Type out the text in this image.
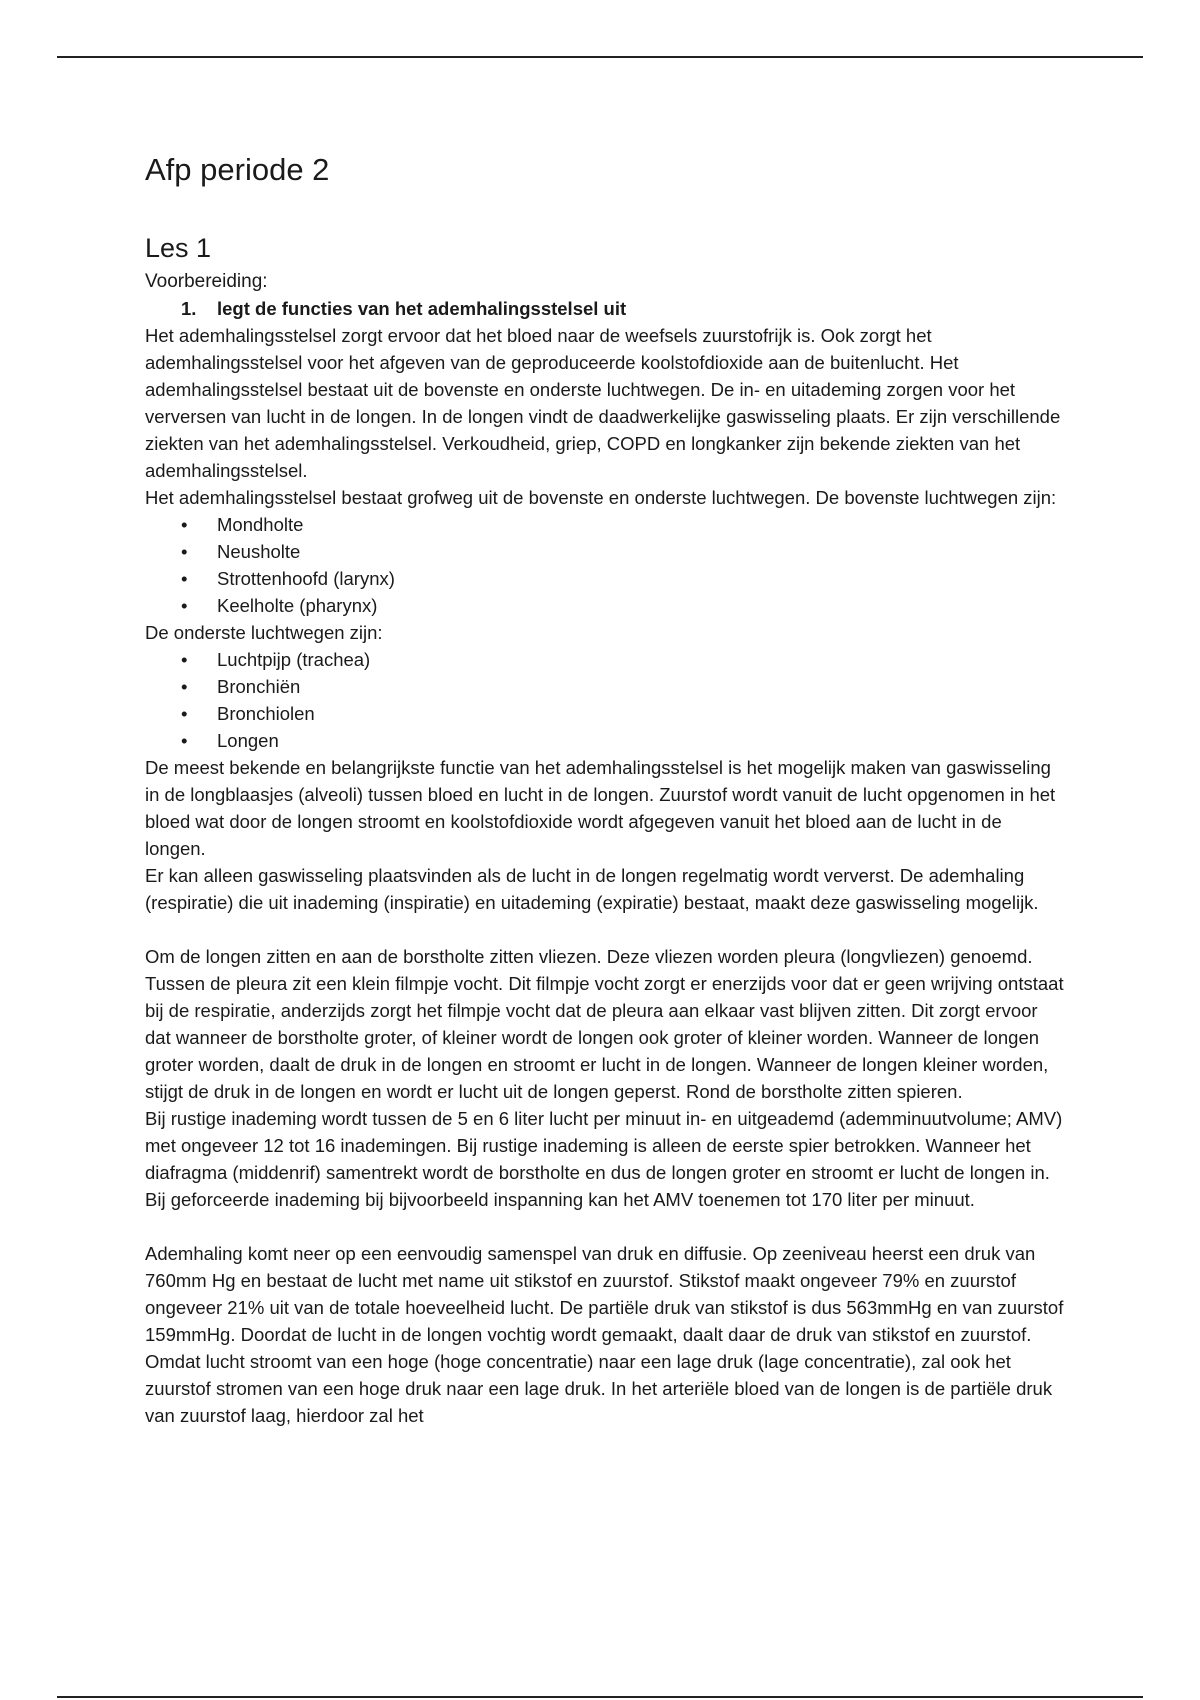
Afp periode 2
Les 1

Voorbereiding:

1. legt de functies van het ademhalingsstelsel uit

Het ademhalingsstelsel zorgt ervoor dat het bloed naar de weefsels zuurstofrijk is. Ook zorgt het ademhalingsstelsel voor het afgeven van de geproduceerde koolstofdioxide aan de buitenlucht. Het ademhalingsstelsel bestaat uit de bovenste en onderste luchtwegen. De in- en uitademing zorgen voor het verversen van lucht in de longen. In de longen vindt de daadwerkelijke gaswisseling plaats. Er zijn verschillende ziekten van het ademhalingsstelsel. Verkoudheid, griep, COPD en longkanker zijn bekende ziekten van het ademhalingsstelsel.

Het ademhalingsstelsel bestaat grofweg uit de bovenste en onderste luchtwegen. De bovenste luchtwegen zijn:

• Mondholte
• Neusholte
• Strottenhoofd (larynx)
• Keelholte (pharynx)

De onderste luchtwegen zijn:

• Luchtpijp (trachea)
• Bronchiën
• Bronchiolen
• Longen

De meest bekende en belangrijkste functie van het ademhalingsstelsel is het mogelijk maken van gaswisseling in de longblaasjes (alveoli) tussen bloed en lucht in de longen. Zuurstof wordt vanuit de lucht opgenomen in het bloed wat door de longen stroomt en koolstofdioxide wordt afgegeven vanuit het bloed aan de lucht in de longen.

Er kan alleen gaswisseling plaatsvinden als de lucht in de longen regelmatig wordt ververst. De ademhaling (respiratie) die uit inademing (inspiratie) en uitademing (expiratie) bestaat, maakt deze gaswisseling mogelijk.

Om de longen zitten en aan de borstholte zitten vliezen. Deze vliezen worden pleura (longvliezen) genoemd. Tussen de pleura zit een klein filmpje vocht. Dit filmpje vocht zorgt er enerzijds voor dat er geen wrijving ontstaat bij de respiratie, anderzijds zorgt het filmpje vocht dat de pleura aan elkaar vast blijven zitten. Dit zorgt ervoor dat wanneer de borstholte groter, of kleiner wordt de longen ook groter of kleiner worden. Wanneer de longen groter worden, daalt de druk in de longen en stroomt er lucht in de longen. Wanneer de longen kleiner worden, stijgt de druk in de longen en wordt er lucht uit de longen geperst. Rond de borstholte zitten spieren.

Bij rustige inademing wordt tussen de 5 en 6 liter lucht per minuut in- en uitgeademd (ademminuutvolume; AMV) met ongeveer 12 tot 16 inademingen. Bij rustige inademing is alleen de eerste spier betrokken. Wanneer het diafragma (middenrif) samentrekt wordt de borstholte en dus de longen groter en stroomt er lucht de longen in. Bij geforceerde inademing bij bijvoorbeeld inspanning kan het AMV toenemen tot 170 liter per minuut.

Ademhaling komt neer op een eenvoudig samenspel van druk en diffusie. Op zeeniveau heerst een druk van 760mm Hg en bestaat de lucht met name uit stikstof en zuurstof. Stikstof maakt ongeveer 79% en zuurstof ongeveer 21% uit van de totale hoeveelheid lucht. De partiële druk van stikstof is dus 563mmHg en van zuurstof 159mmHg. Doordat de lucht in de longen vochtig wordt gemaakt, daalt daar de druk van stikstof en zuurstof. Omdat lucht stroomt van een hoge (hoge concentratie) naar een lage druk (lage concentratie), zal ook het zuurstof stromen van een hoge druk naar een lage druk. In het arteriële bloed van de longen is de partiële druk van zuurstof laag, hierdoor zal het
